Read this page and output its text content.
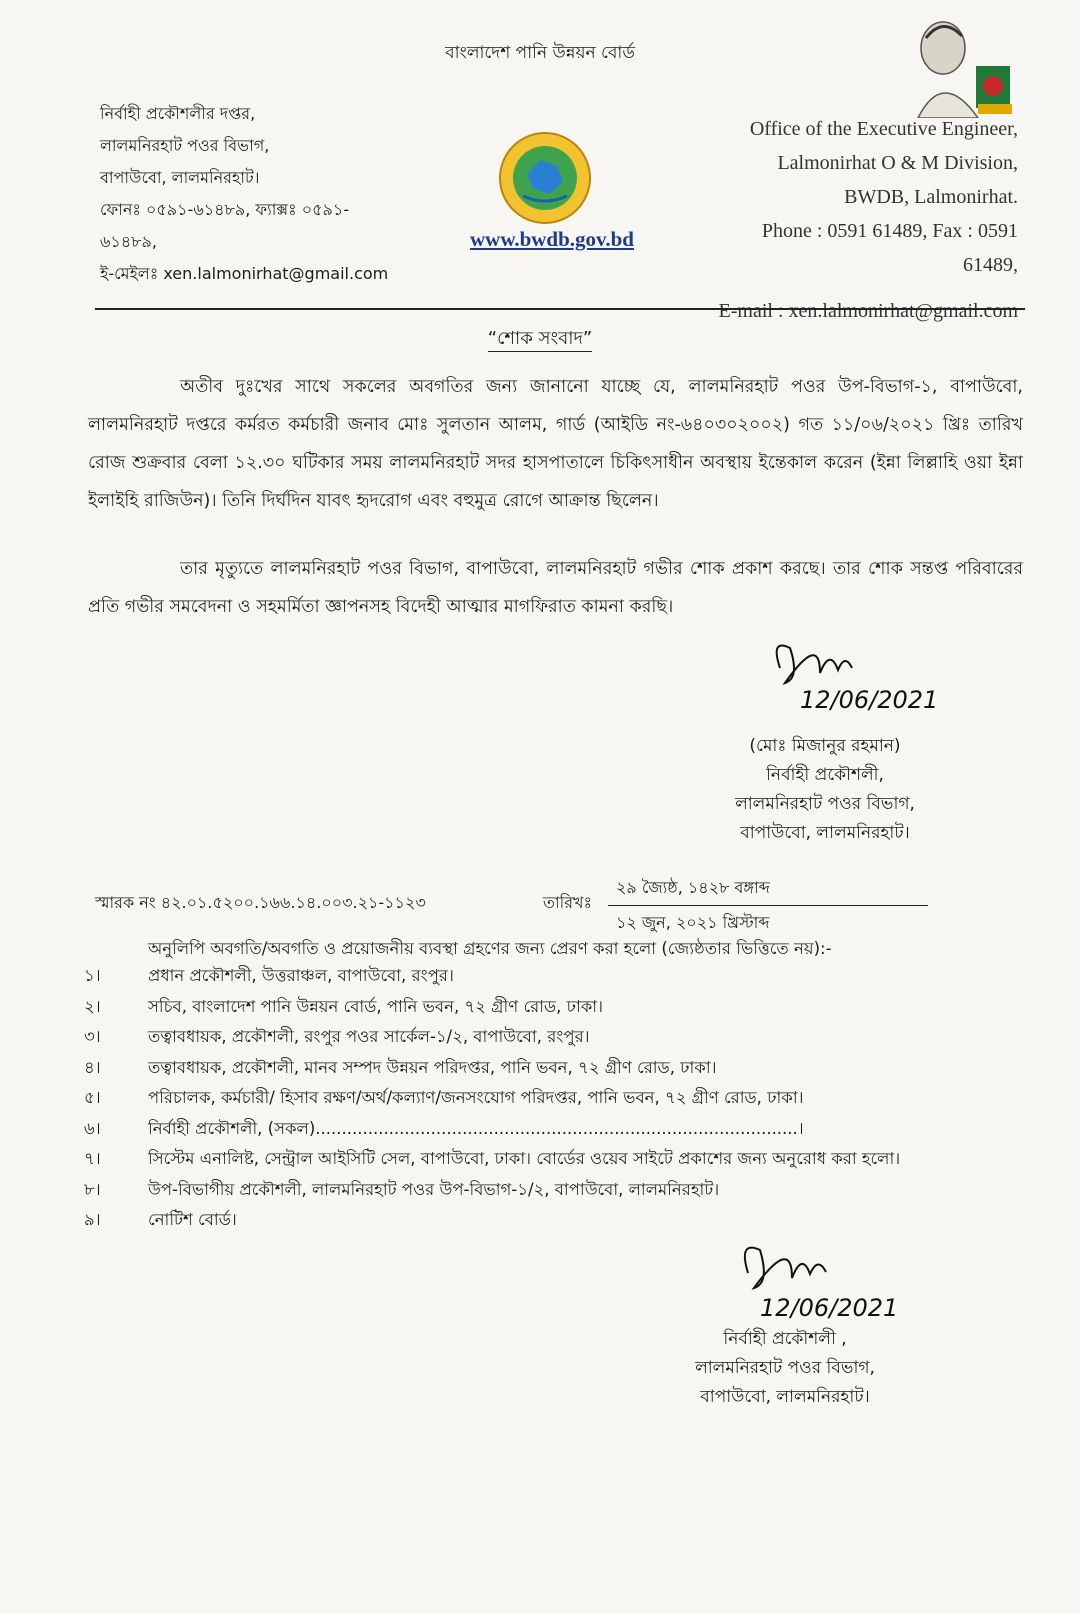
বাংলাদেশ পানি উন্নয়ন বোর্ড
নির্বাহী প্রকৌশলীর দপ্তর,
লালমনিরহাট পওর বিভাগ,
বাপাউবো, লালমনিরহাট।
ফোনঃ ০৫৯১-৬১৪৮৯, ফ্যাক্সঃ ০৫৯১-
৬১৪৮৯,
ই-মেইলঃ xen.lalmonirhat@gmail.com
www.bwdb.gov.bd
Office of the Executive Engineer,
Lalmonirhat O & M Division,
BWDB, Lalmonirhat.
Phone : 0591 61489, Fax : 0591
61489,
E-mail : xen.lalmonirhat@gmail.com
“শোক সংবাদ”
অতীব দুঃখের সাথে সকলের অবগতির জন্য জানানো যাচ্ছে যে, লালমনিরহাট পওর উপ-বিভাগ-১, বাপাউবো, লালমনিরহাট দপ্তরে কর্মরত কর্মচারী জনাব মোঃ সুলতান আলম, গার্ড (আইডি নং-৬৪০৩০২০০২) গত ১১/০৬/২০২১ খ্রিঃ তারিখ রোজ শুক্রবার বেলা ১২.৩০ ঘটিকার সময় লালমনিরহাট সদর হাসপাতালে চিকিৎসাধীন অবস্থায় ইন্তেকাল করেন (ইন্না লিল্লাহি ওয়া ইন্না ইলাইহি রাজিউন)। তিনি দির্ঘদিন যাবৎ হৃদরোগ এবং বহুমুত্র রোগে আক্রান্ত ছিলেন।
তার মৃত্যুতে লালমনিরহাট পওর বিভাগ, বাপাউবো, লালমনিরহাট গভীর শোক প্রকাশ করছে। তার শোক সন্তপ্ত পরিবারের প্রতি গভীর সমবেদনা ও সহমর্মিতা জ্ঞাপনসহ বিদেহী আত্মার মাগফিরাত কামনা করছি।
12/06/2021
(মোঃ মিজানুর রহমান)
নির্বাহী প্রকৌশলী,
লালমনিরহাট পওর বিভাগ,
বাপাউবো, লালমনিরহাট।
স্মারক নং ৪২.০১.৫২০০.১৬৬.১৪.০০৩.২১-১১২৩	তারিখঃ
২৯ জ্যৈষ্ঠ, ১৪২৮ বঙ্গাব্দ
১২ জুন, ২০২১ খ্রিস্টাব্দ
অনুলিপি অবগতি/অবগতি ও প্রয়োজনীয় ব্যবস্থা গ্রহণের জন্য প্রেরণ করা হলো (জ্যেষ্ঠতার ভিত্তিতে নয়):-
১।	প্রধান প্রকৌশলী, উত্তরাঞ্চল, বাপাউবো, রংপুর।
২।	সচিব, বাংলাদেশ পানি উন্নয়ন বোর্ড, পানি ভবন, ৭২ গ্রীণ রোড, ঢাকা।
৩।	তত্বাবধায়ক, প্রকৌশলী, রংপুর পওর সার্কেল-১/২, বাপাউবো, রংপুর।
৪।	তত্বাবধায়ক, প্রকৌশলী, মানব সম্পদ উন্নয়ন পরিদপ্তর, পানি ভবন, ৭২ গ্রীণ রোড, ঢাকা।
৫।	পরিচালক, কর্মচারী/ হিসাব রক্ষণ/অর্থ/কল্যাণ/জনসংযোগ পরিদপ্তর, পানি ভবন, ৭২ গ্রীণ রোড, ঢাকা।
৬।	নির্বাহী প্রকৌশলী, (সকল)............................................................................................।
৭।	সিস্টেম এনালিষ্ট, সেন্ট্রাল আইসিটি সেল, বাপাউবো, ঢাকা। বোর্ডের ওয়েব সাইটে প্রকাশের জন্য অনুরোধ করা হলো।
৮।	উপ-বিভাগীয় প্রকৌশলী, লালমনিরহাট পওর উপ-বিভাগ-১/২, বাপাউবো, লালমনিরহাট।
৯।	নোটিশ বোর্ড।
12/06/2021
নির্বাহী প্রকৌশলী ,
লালমনিরহাট পওর বিভাগ,
বাপাউবো, লালমনিরহাট।
